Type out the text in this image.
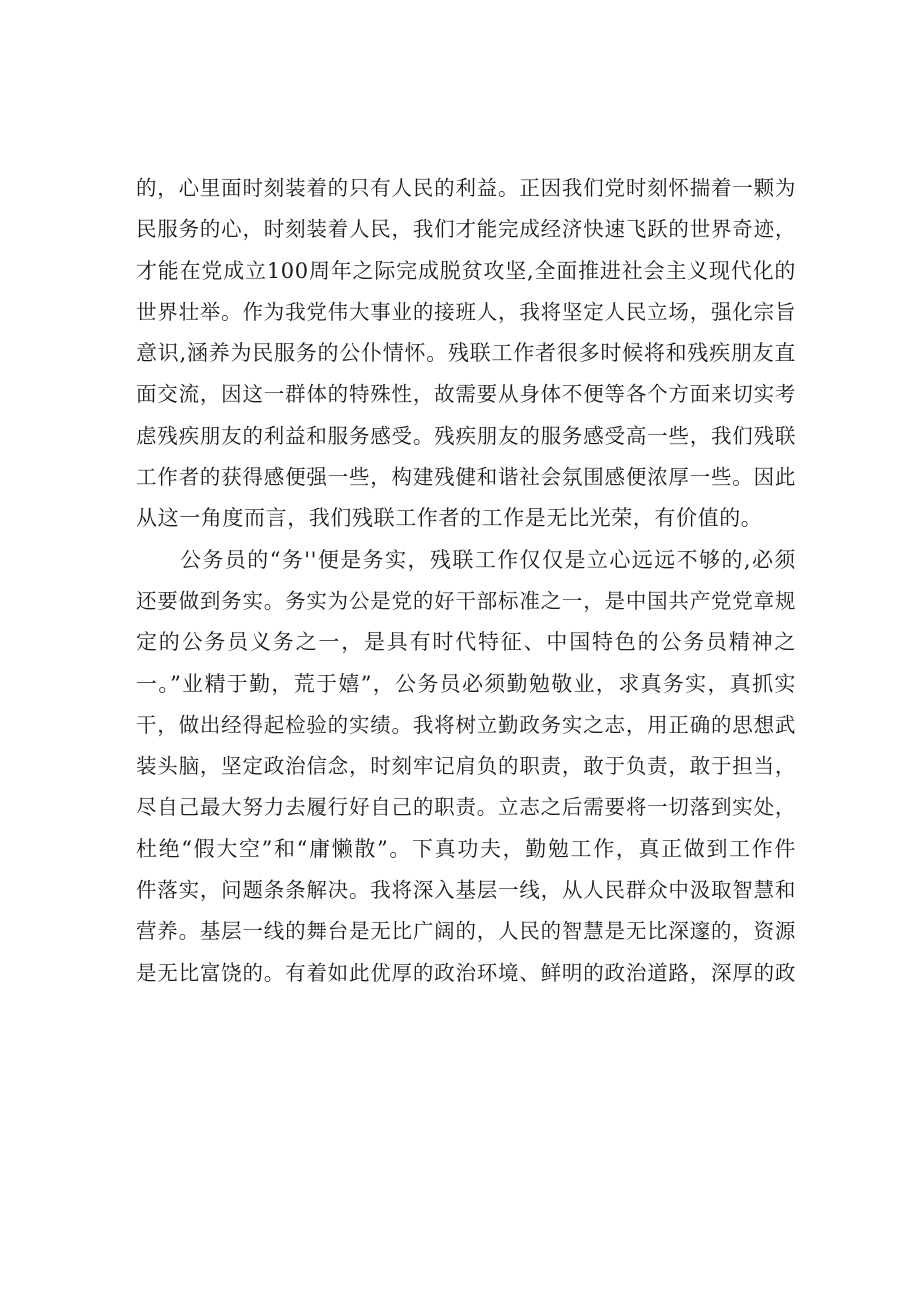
的，心里面时刻装着的只有人民的利益。正因我们党时刻怀揣着一颗为
民服务的心，时刻装着人民，我们才能完成经济快速飞跃的世界奇迹，
才能在党成立100周年之际完成脱贫攻坚,全面推进社会主义现代化的
世界壮举。作为我党伟大事业的接班人，我将坚定人民立场，强化宗旨
意识,涵养为民服务的公仆情怀。残联工作者很多时候将和残疾朋友直
面交流，因这一群体的特殊性，故需要从身体不便等各个方面来切实考
虑残疾朋友的利益和服务感受。残疾朋友的服务感受高一些，我们残联
工作者的获得感便强一些，构建残健和谐社会氛围感便浓厚一些。因此
从这一角度而言，我们残联工作者的工作是无比光荣，有价值的。
公务员的“务''便是务实，残联工作仅仅是立心远远不够的,必须
还要做到务实。务实为公是党的好干部标准之一，是中国共产党党章规
定的公务员义务之一，是具有时代特征、中国特色的公务员精神之
一。”业精于勤，荒于嬉”，公务员必须勤勉敬业，求真务实，真抓实
干，做出经得起检验的实绩。我将树立勤政务实之志，用正确的思想武
装头脑，坚定政治信念，时刻牢记肩负的职责，敢于负责，敢于担当，
尽自己最大努力去履行好自己的职责。立志之后需要将一切落到实处，
杜绝“假大空”和“庸懒散”。下真功夫，勤勉工作，真正做到工作件
件落实，问题条条解决。我将深入基层一线，从人民群众中汲取智慧和
营养。基层一线的舞台是无比广阔的，人民的智慧是无比深邃的，资源
是无比富饶的。有着如此优厚的政治环境、鲜明的政治道路，深厚的政
